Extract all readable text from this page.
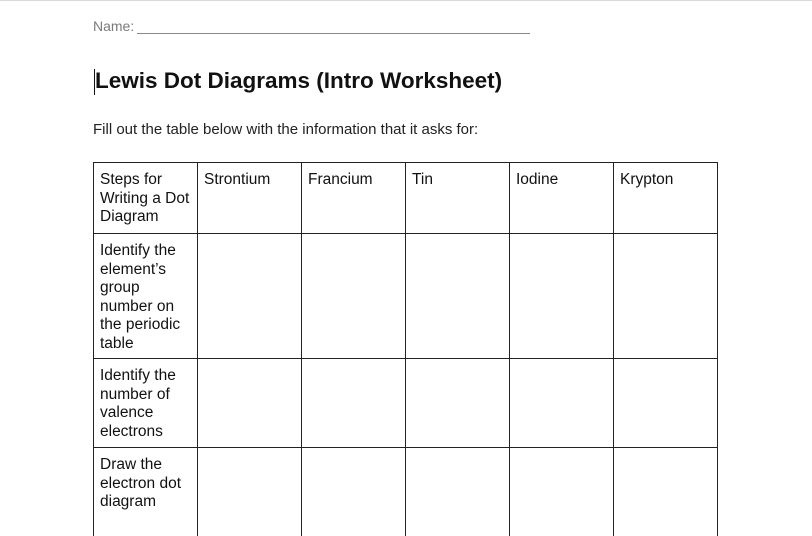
Name:
Lewis Dot Diagrams (Intro Worksheet)
Fill out the table below with the information that it asks for:
Steps for Writing a Dot Diagram	Strontium	Francium	Tin	Iodine	Krypton
Identify the element’s group number on the periodic table					
Identify the number of valence electrons					
Draw the electron dot diagram					
